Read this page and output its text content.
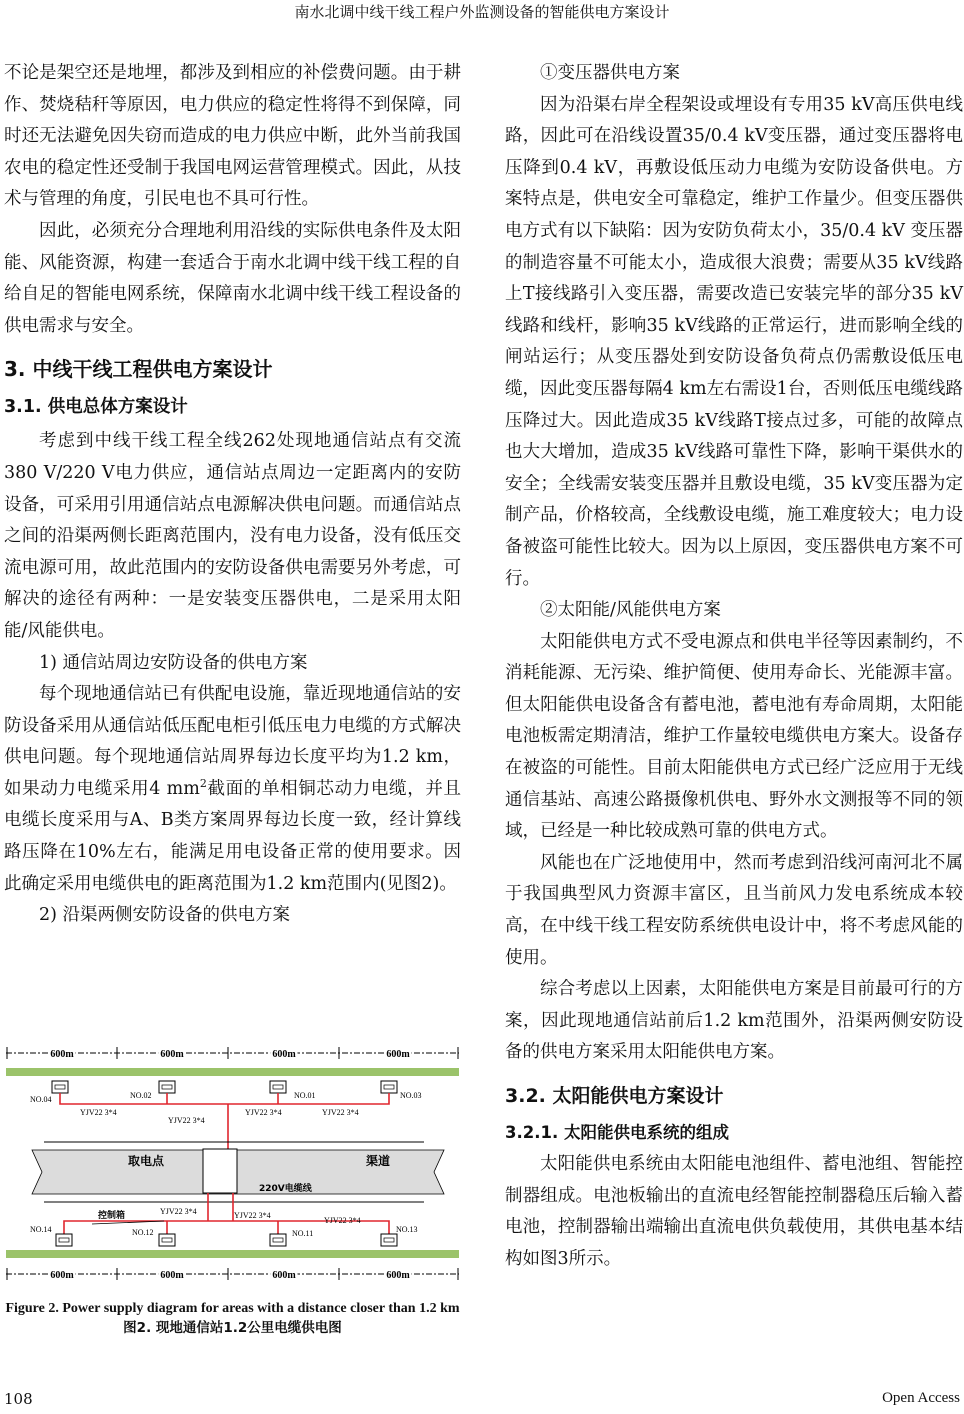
南水北调中线干线工程户外监测设备的智能供电方案设计

不论是架空还是地埋，都涉及到相应的补偿费问题。由于耕作、焚烧秸秆等原因，电力供应的稳定性将得不到保障，同时还无法避免因失窃而造成的电力供应中断，此外当前我国农电的稳定性还受制于我国电网运营管理模式。因此，从技术与管理的角度，引民电也不具可行性。

因此，必须充分合理地利用沿线的实际供电条件及太阳能、风能资源，构建一套适合于南水北调中线干线工程的自给自足的智能电网系统，保障南水北调中线干线工程设备的供电需求与安全。

3. 中线干线工程供电方案设计
3.1. 供电总体方案设计

考虑到中线干线工程全线262处现地通信站点有交流380 V/220 V电力供应，通信站点周边一定距离内的安防设备，可采用引用通信站点电源解决供电问题。而通信站点之间的沿渠两侧长距离范围内，没有电力设备，没有低压交流电源可用，故此范围内的安防设备供电需要另外考虑，可解决的途径有两种：一是安装变压器供电，二是采用太阳能/风能供电。

1) 通信站周边安防设备的供电方案

每个现地通信站已有供配电设施，靠近现地通信站的安防设备采用从通信站低压配电柜引低压电力电缆的方式解决供电问题。每个现地通信站周界每边长度平均为1.2 km，如果动力电缆采用4 $mm^2$截面的单相铜芯动力电缆，并且电缆长度采用与A、B类方案周界每边长度一致，经计算线路压降在10%左右，能满足用电设备正常的使用要求。因此确定采用电缆供电的距离范围为1.2 km范围内(见图2)。

2) 沿渠两侧安防设备的供电方案

600m	600m	600m	600m
NO.04	NO.02	NO.01	NO.03
YJV22 3*4
YJV22 3*4
YJV22 3*4	YJV22 3*4
取电点	渠道
220V电缆线
控制箱	YJV22 3*4	YJV22 3*4
YJV22 3*4
NO.14	NO.12	NO.11	NO.13
600m	600m	600m	600m
Figure 2. Power supply diagram for areas with a distance closer than 1.2 km
图2. 现地通信站1.2公里电缆供电图

①变压器供电方案

因为沿渠右岸全程架设或埋设有专用35 kV高压供电线路，因此可在沿线设置35/0.4 kV变压器，通过变压器将电压降到0.4 kV，再敷设低压动力电缆为安防设备供电。方案特点是，供电安全可靠稳定，维护工作量少。但变压器供电方式有以下缺陷：因为安防负荷太小，35/0.4 kV 变压器的制造容量不可能太小，造成很大浪费；需要从35 kV线路上T接线路引入变压器，需要改造已安装完毕的部分35 kV线路和线杆，影响35 kV线路的正常运行，进而影响全线的闸站运行；从变压器处到安防设备负荷点仍需敷设低压电缆，因此变压器每隔4 km左右需设1台，否则低压电缆线路压降过大。因此造成35 kV线路T接点过多，可能的故障点也大大增加，造成35 kV线路可靠性下降，影响干渠供水的安全；全线需安装变压器并且敷设电缆，35 kV变压器为定制产品，价格较高，全线敷设电缆，施工难度较大；电力设备被盗可能性比较大。因为以上原因，变压器供电方案不可行。

②太阳能/风能供电方案

太阳能供电方式不受电源点和供电半径等因素制约，不消耗能源、无污染、维护简便、使用寿命长、光能源丰富。但太阳能供电设备含有蓄电池，蓄电池有寿命周期，太阳能电池板需定期清洁，维护工作量较电缆供电方案大。设备存在被盗的可能性。目前太阳能供电方式已经广泛应用于无线通信基站、高速公路摄像机供电、野外水文测报等不同的领域，已经是一种比较成熟可靠的供电方式。

风能也在广泛地使用中，然而考虑到沿线河南河北不属于我国典型风力资源丰富区，且当前风力发电系统成本较高，在中线干线工程安防系统供电设计中，将不考虑风能的使用。

综合考虑以上因素，太阳能供电方案是目前最可行的方案，因此现地通信站前后1.2 km范围外，沿渠两侧安防设备的供电方案采用太阳能供电方案。

3.2. 太阳能供电方案设计
3.2.1. 太阳能供电系统的组成

太阳能供电系统由太阳能电池组件、蓄电池组、智能控制器组成。电池板输出的直流电经智能控制器稳压后输入蓄电池，控制器输出端输出直流电供负载使用，其供电基本结构如图3所示。

108	Open Access
